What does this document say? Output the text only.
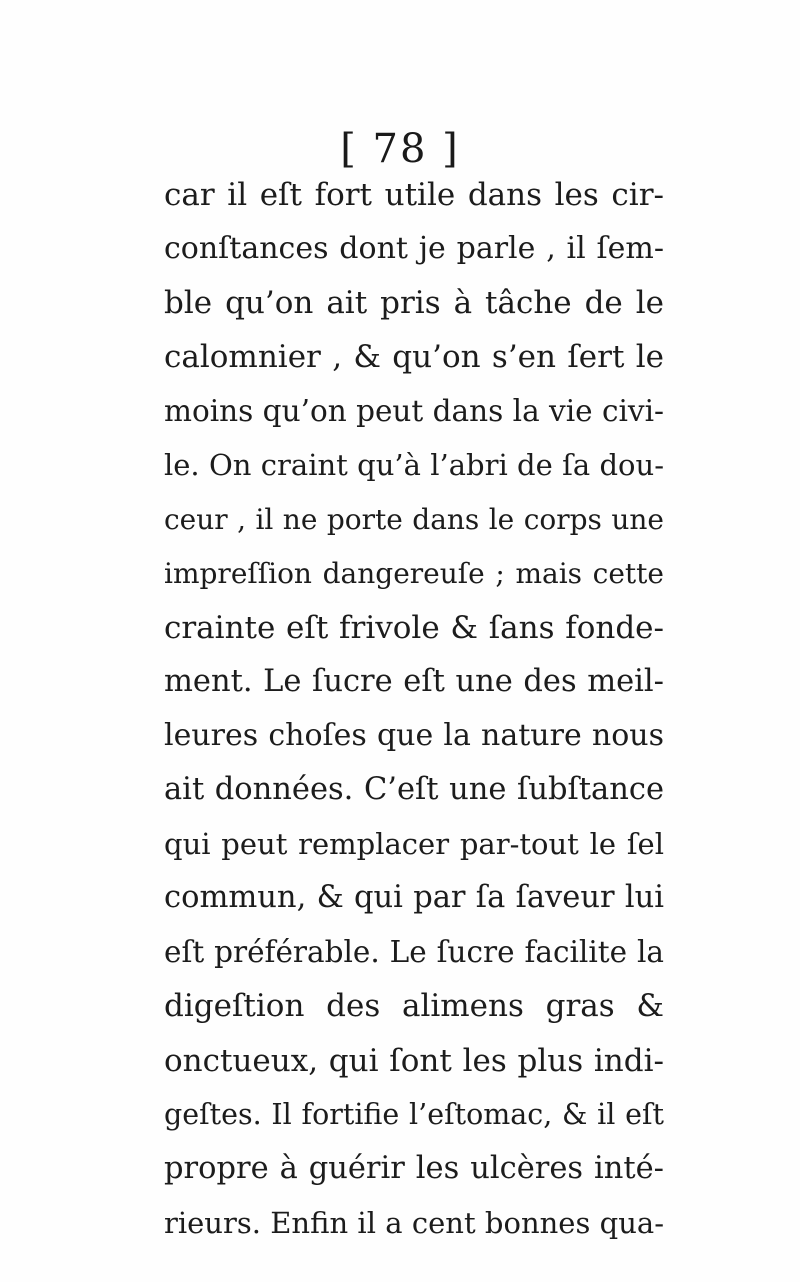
[ 78 ]
car il eſt fort utile dans les cir-
conſtances dont je parle , il ſem-
ble qu’on ait pris à tâche de le
calomnier , & qu’on s’en ſert le
moins qu’on peut dans la vie civi-
le. On craint qu’à l’abri de ſa dou-
ceur , il ne porte dans le corps une
impreſſion dangereuſe ; mais cette
crainte eſt frivole & ſans fonde-
ment. Le ſucre eſt une des meil-
leures choſes que la nature nous
ait données. C’eſt une ſubſtance
qui peut remplacer par-tout le ſel
commun, & qui par ſa ſaveur lui
eſt préférable. Le ſucre facilite la
digeſtion des alimens gras &
onctueux, qui ſont les plus indi-
geſtes. Il fortifie l’eſtomac, & il eſt
propre à guérir les ulcères inté-
rieurs. Enfin il a cent bonnes qua-
